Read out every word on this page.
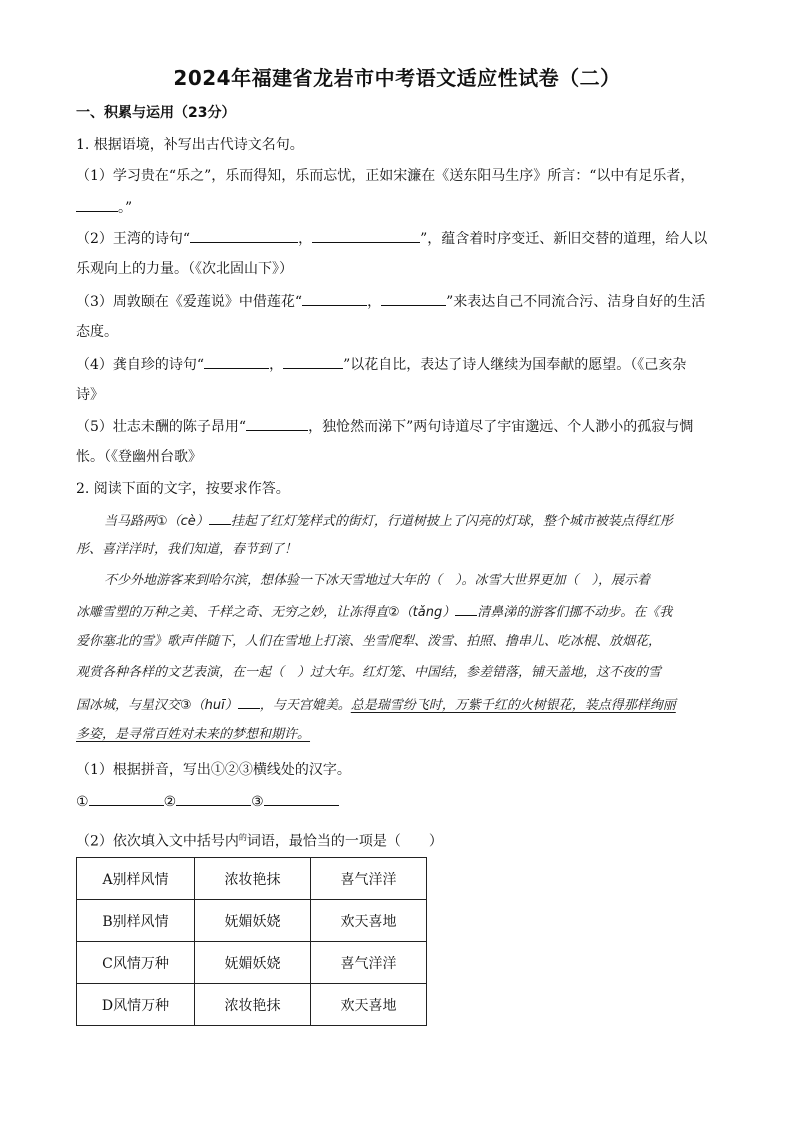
2024年福建省龙岩市中考语文适应性试卷（二）
一、积累与运用（23分）
1. 根据语境，补写出古代诗文名句。
（1）学习贵在“乐之”，乐而得知，乐而忘忧，正如宋濂在《送东阳马生序》所言：“以中有足乐者，
。”
（2）王湾的诗句“	，	”，蕴含着时序变迁、新旧交替的道理，给人以
乐观向上的力量。（《次北固山下》）
（3）周敦颐在《爱莲说》中借莲花“	，	”来表达自己不同流合污、洁身自好的生活
态度。
（4）龚自珍的诗句“	，	”以花自比，表达了诗人继续为国奉献的愿望。（《己亥杂
诗》
（5）壮志未酬的陈子昂用“	，独怆然而涕下”两句诗道尽了宇宙邈远、个人渺小的孤寂与惆
怅。（《登幽州台歌》
2. 阅读下面的文字，按要求作答。
当马路两①（cè） 挂起了红灯笼样式的街灯，行道树披上了闪亮的灯球，整个城市被装点得红彤
彤、喜洋洋时，我们知道，春节到了！
不少外地游客来到哈尔滨，想体验一下冰天雪地过大年的（　）。冰雪大世界更加（　），展示着
冰雕雪塑的万种之美、千样之奇、无穷之妙，让冻得直②（tǎng） 清鼻涕的游客们挪不动步。在《我
爱你塞北的雪》歌声伴随下，人们在雪地上打滚、坐雪爬犁、泼雪、拍照、撸串儿、吃冰棍、放烟花，
观赏各种各样的文艺表演，在一起（　）过大年。红灯笼、中国结，参差错落，铺天盖地，这不夜的雪
国冰城，与星汉交③（huī） ，与天宫媲美。总是瑞雪纷飞时，万紫千红的火树银花，装点得那样绚丽
多姿，是寻常百姓对未来的梦想和期许。
（1）根据拼音，写出①②③横线处的汉字。
①	②	③
（2）依次填入文中括号内$^的$词语，最恰当的一项是（　　）
A别样风情	浓妆艳抹	喜气洋洋
B别样风情	妩媚妖娆	欢天喜地
C风情万种	妩媚妖娆	喜气洋洋
D风情万种	浓妆艳抹	欢天喜地
